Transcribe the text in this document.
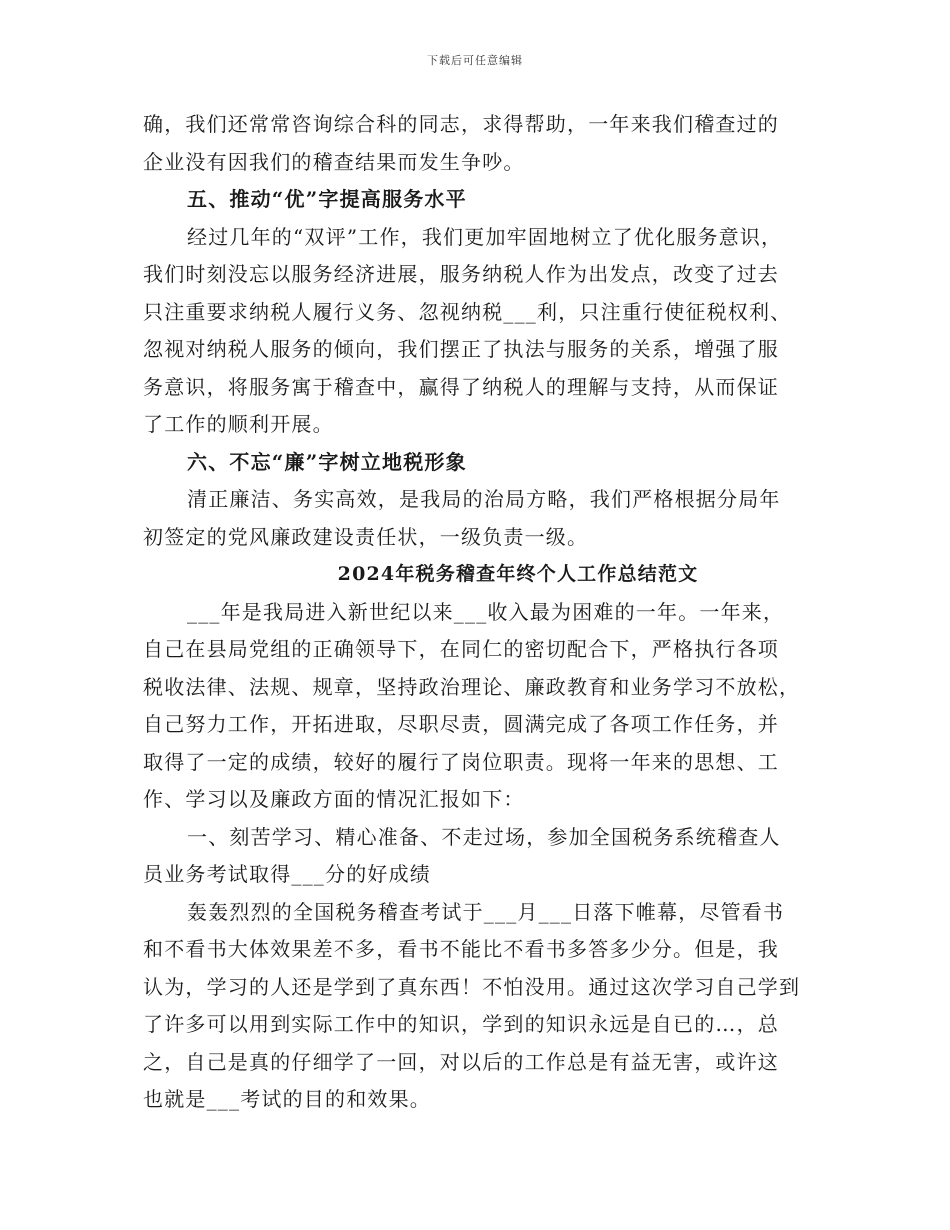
下载后可任意编辑
确，我们还常常咨询综合科的同志，求得帮助，一年来我们稽查过的
企业没有因我们的稽查结果而发生争吵。
五、推动“优”字提高服务水平
经过几年的“双评”工作，我们更加牢固地树立了优化服务意识，
我们时刻没忘以服务经济进展，服务纳税人作为出发点，改变了过去
只注重要求纳税人履行义务、忽视纳税___利，只注重行使征税权利、
忽视对纳税人服务的倾向，我们摆正了执法与服务的关系，增强了服
务意识，将服务寓于稽查中，赢得了纳税人的理解与支持，从而保证
了工作的顺利开展。
六、不忘“廉”字树立地税形象
清正廉洁、务实高效，是我局的治局方略，我们严格根据分局年
初签定的党风廉政建设责任状，一级负责一级。
2024年税务稽查年终个人工作总结范文
___年是我局进入新世纪以来___收入最为困难的一年。一年来，
自己在县局党组的正确领导下，在同仁的密切配合下，严格执行各项
税收法律、法规、规章，坚持政治理论、廉政教育和业务学习不放松，
自己努力工作，开拓进取，尽职尽责，圆满完成了各项工作任务，并
取得了一定的成绩，较好的履行了岗位职责。现将一年来的思想、工
作、学习以及廉政方面的情况汇报如下：
一、刻苦学习、精心准备、不走过场，参加全国税务系统稽查人
员业务考试取得___分的好成绩
轰轰烈烈的全国税务稽查考试于___月___日落下帷幕，尽管看书
和不看书大体效果差不多，看书不能比不看书多答多少分。但是，我
认为，学习的人还是学到了真东西！不怕没用。通过这次学习自己学到
了许多可以用到实际工作中的知识，学到的知识永远是自已的…，总
之，自己是真的仔细学了一回，对以后的工作总是有益无害，或许这
也就是___考试的目的和效果。
